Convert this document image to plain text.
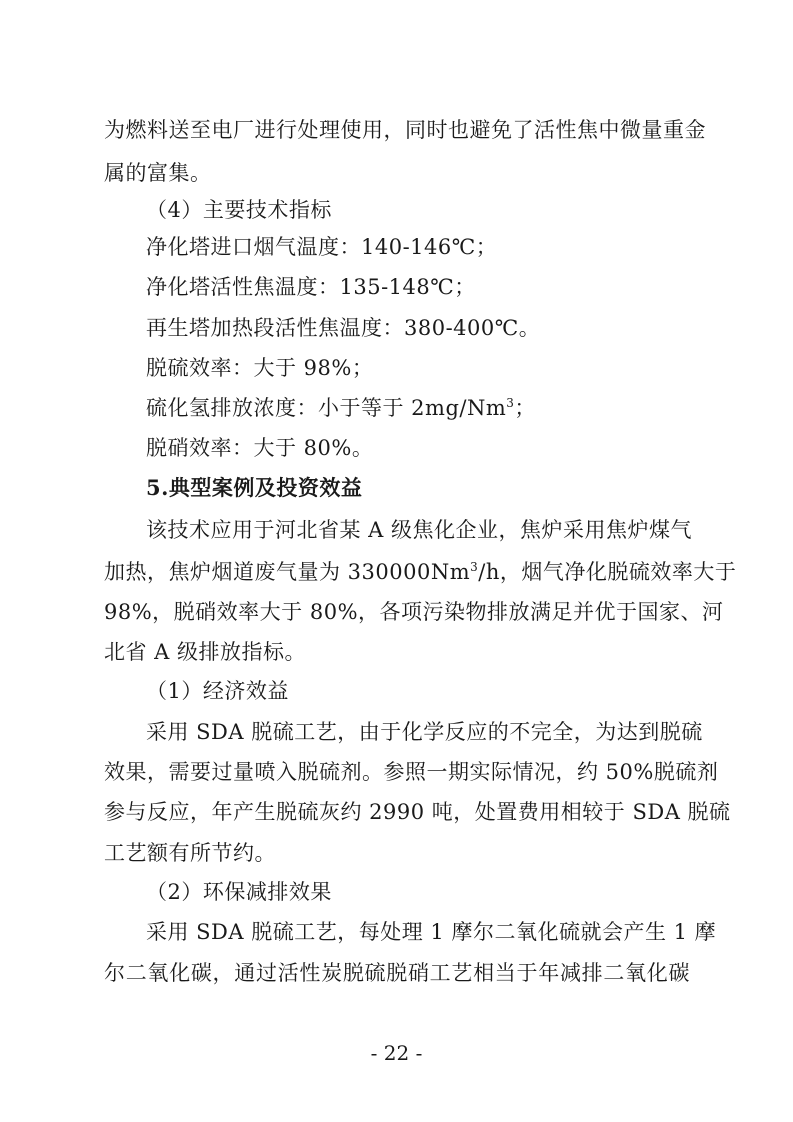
为燃料送至电厂进行处理使用，同时也避免了活性焦中微量重金
属的富集。
（4）主要技术指标
净化塔进口烟气温度：140-146℃；
净化塔活性焦温度：135-148℃；
再生塔加热段活性焦温度：380-400℃。
脱硫效率：大于 98%；
硫化氢排放浓度：小于等于 2mg/Nm$^3$；
脱硝效率：大于 80%。
5.典型案例及投资效益
该技术应用于河北省某 A 级焦化企业，焦炉采用焦炉煤气
加热，焦炉烟道废气量为 330000Nm$^3$/h，烟气净化脱硫效率大于
98%，脱硝效率大于 80%，各项污染物排放满足并优于国家、河
北省 A 级排放指标。
（1）经济效益
采用 SDA 脱硫工艺，由于化学反应的不完全，为达到脱硫
效果，需要过量喷入脱硫剂。参照一期实际情况，约 50%脱硫剂
参与反应，年产生脱硫灰约 2990 吨，处置费用相较于 SDA 脱硫
工艺额有所节约。
（2）环保减排效果
采用 SDA 脱硫工艺，每处理 1 摩尔二氧化硫就会产生 1 摩
尔二氧化碳，通过活性炭脱硫脱硝工艺相当于年减排二氧化碳
- 22 -
